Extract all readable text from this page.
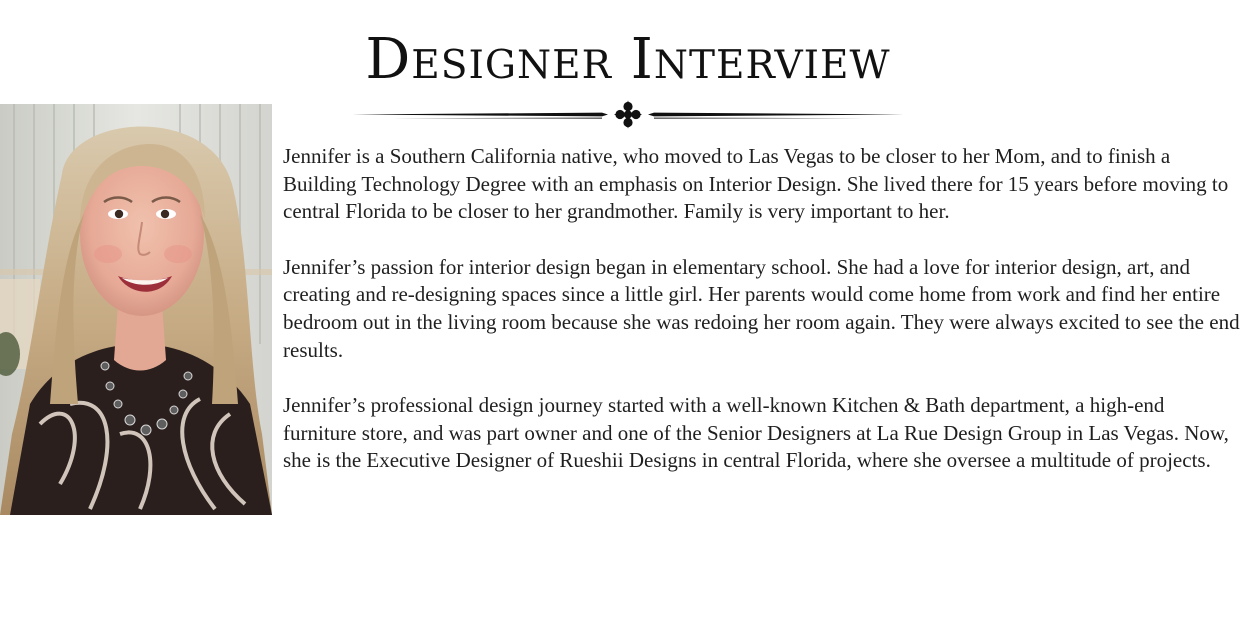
Designer Interview

Jennifer is a Southern California native, who moved to Las Vegas to be closer to her Mom, and to finish a Building Technology Degree with an emphasis on Interior Design. She lived there for 15 years before moving to central Florida to be closer to her grandmother. Family is very important to her.

Jennifer’s passion for interior design began in elementary school. She had a love for interior design, art, and creating and re-designing spaces since a little girl. Her parents would come home from work and find her entire bedroom out in the living room because she was redoing her room again. They were always excited to see the end results.

Jennifer’s professional design journey started with a well-known Kitchen & Bath department, a high-end furniture store, and was part owner and one of the Senior Designers at La Rue Design Group in Las Vegas. Now, she is the Executive Designer of Rueshii Designs in central Florida, where she oversee a multitude of projects.
